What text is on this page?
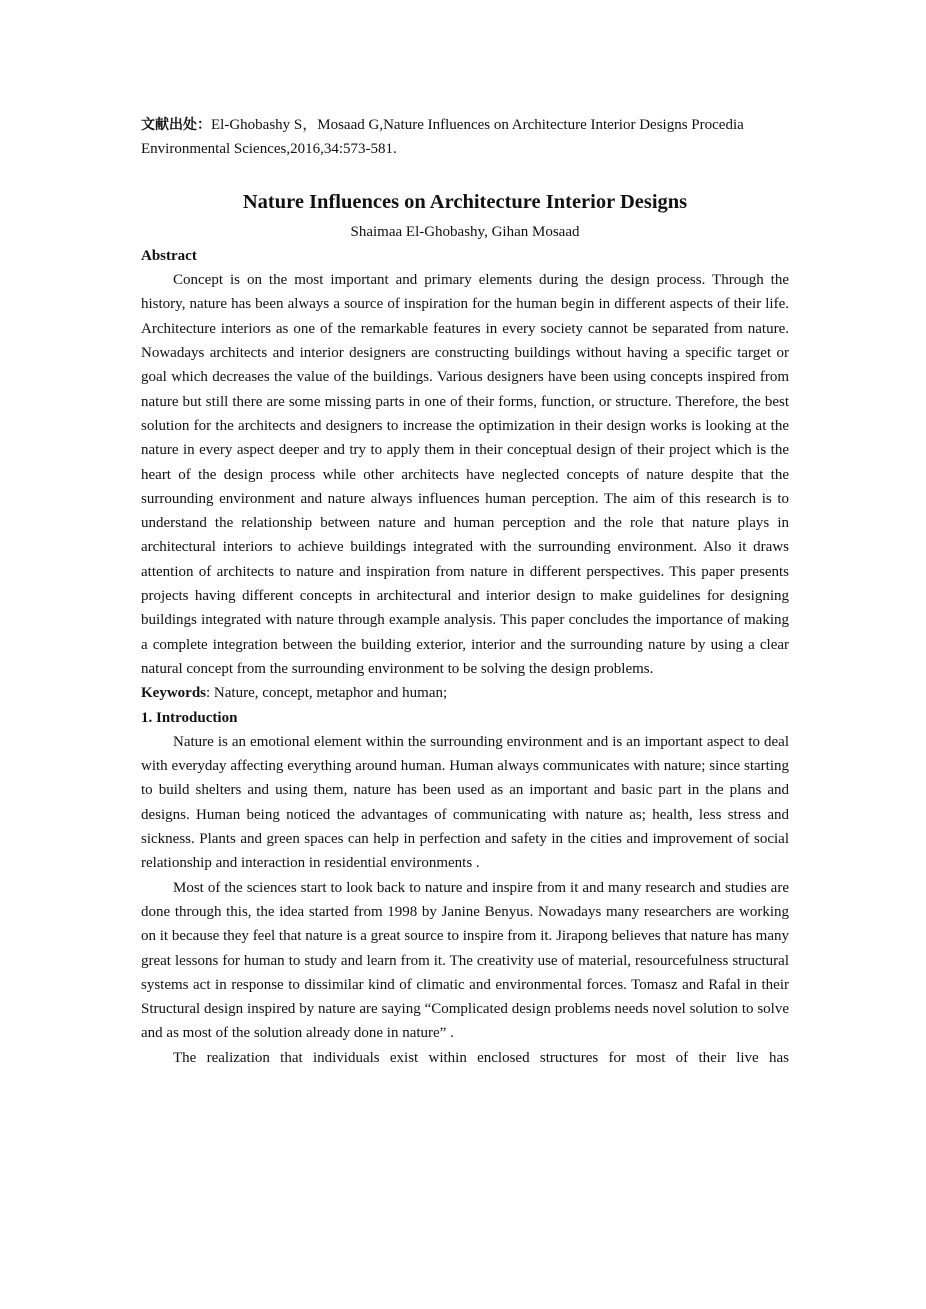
文献出处：El-Ghobashy S，Mosaad G,Nature Influences on Architecture Interior Designs Procedia Environmental Sciences,2016,34:573-581.

Nature Influences on Architecture Interior Designs

Shaimaa El-Ghobashy, Gihan Mosaad

Abstract

Concept is on the most important and primary elements during the design process. Through the history, nature has been always a source of inspiration for the human begin in different aspects of their life. Architecture interiors as one of the remarkable features in every society cannot be separated from nature. Nowadays architects and interior designers are constructing buildings without having a specific target or goal which decreases the value of the buildings. Various designers have been using concepts inspired from nature but still there are some missing parts in one of their forms, function, or structure. Therefore, the best solution for the architects and designers to increase the optimization in their design works is looking at the nature in every aspect deeper and try to apply them in their conceptual design of their project which is the heart of the design process while other architects have neglected concepts of nature despite that the surrounding environment and nature always influences human perception. The aim of this research is to understand the relationship between nature and human perception and the role that nature plays in architectural interiors to achieve buildings integrated with the surrounding environment. Also it draws attention of architects to nature and inspiration from nature in different perspectives. This paper presents projects having different concepts in architectural and interior design to make guidelines for designing buildings integrated with nature through example analysis. This paper concludes the importance of making a complete integration between the building exterior, interior and the surrounding nature by using a clear natural concept from the surrounding environment to be solving the design problems.

Keywords: Nature, concept, metaphor and human;

1. Introduction

Nature is an emotional element within the surrounding environment and is an important aspect to deal with everyday affecting everything around human. Human always communicates with nature; since starting to build shelters and using them, nature has been used as an important and basic part in the plans and designs. Human being noticed the advantages of communicating with nature as; health, less stress and sickness. Plants and green spaces can help in perfection and safety in the cities and improvement of social relationship and interaction in residential environments .

Most of the sciences start to look back to nature and inspire from it and many research and studies are done through this, the idea started from 1998 by Janine Benyus. Nowadays many researchers are working on it because they feel that nature is a great source to inspire from it. Jirapong believes that nature has many great lessons for human to study and learn from it. The creativity use of material, resourcefulness structural systems act in response to dissimilar kind of climatic and environmental forces. Tomasz and Rafal in their Structural design inspired by nature are saying “Complicated design problems needs novel solution to solve and as most of the solution already done in nature” .

The realization that individuals exist within enclosed structures for most of their live has
